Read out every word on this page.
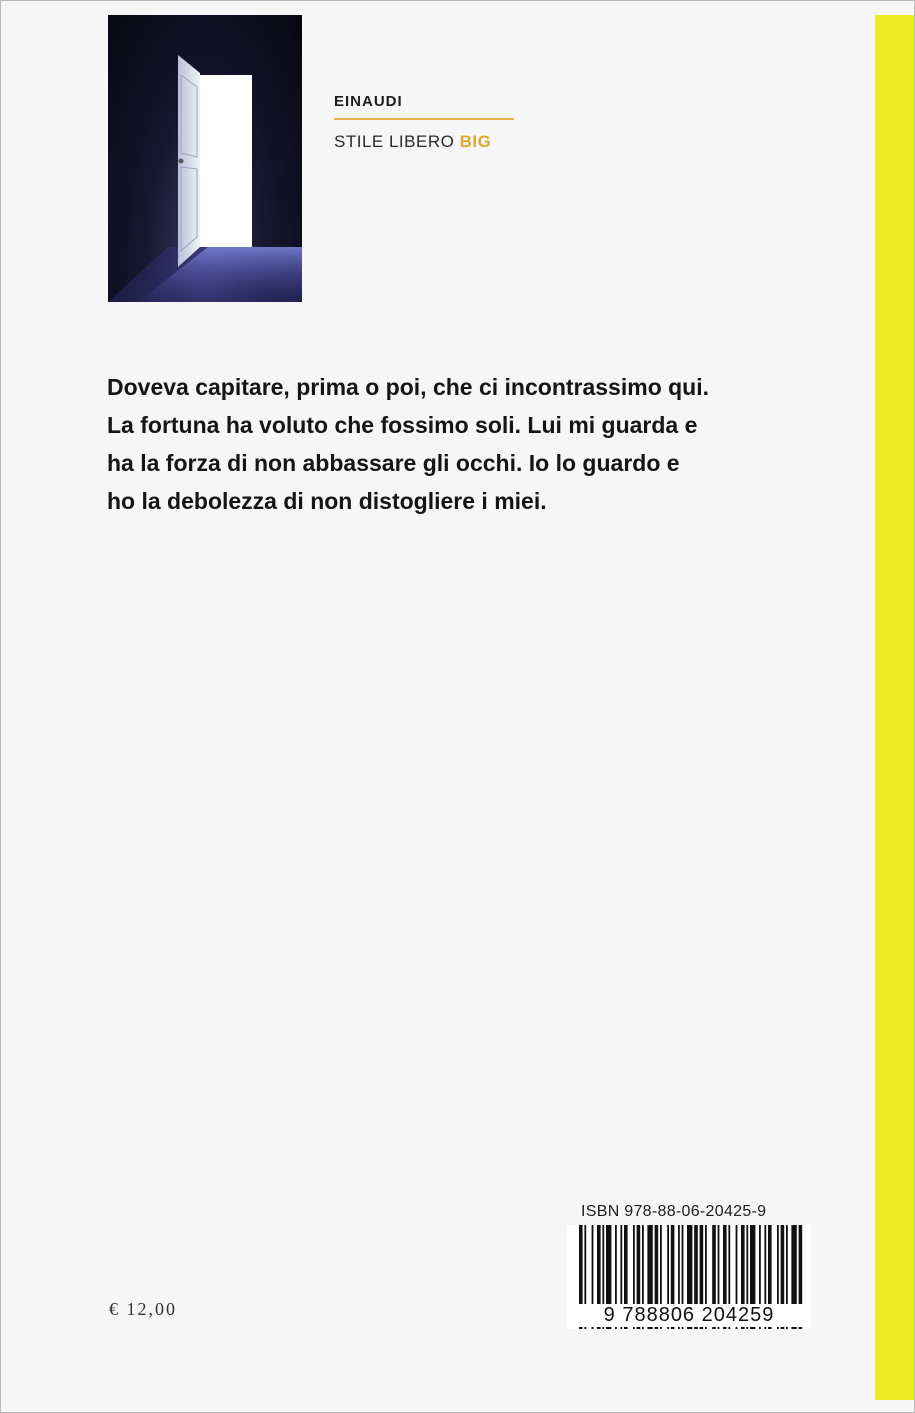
EINAUDI
STILE LIBERO BIG

Doveva capitare, prima o poi, che ci incontrassimo qui.
La fortuna ha voluto che fossimo soli. Lui mi guarda e
ha la forza di non abbassare gli occhi. Io lo guardo e
ho la debolezza di non distogliere i miei.

ISBN 978-88-06-20425-9
9 788806 204259
€ 12,00
